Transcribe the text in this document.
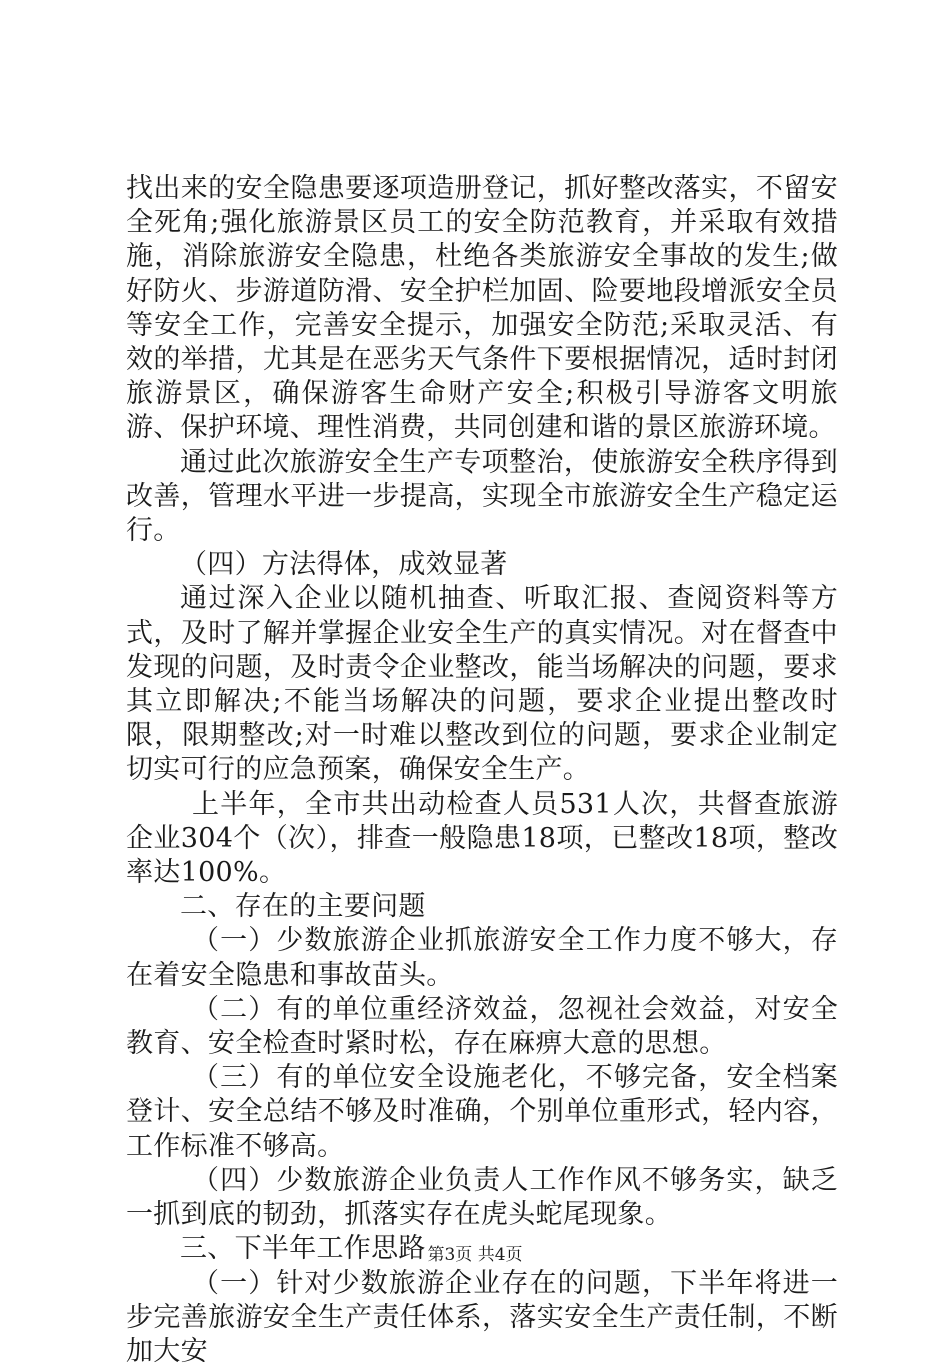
找出来的安全隐患要逐项造册登记，抓好整改落实，不留安全死角;强化旅游景区员工的安全防范教育，并采取有效措施，消除旅游安全隐患，杜绝各类旅游安全事故的发生;做好防火、步游道防滑、安全护栏加固、险要地段增派安全员等安全工作，完善安全提示，加强安全防范;采取灵活、有效的举措，尤其是在恶劣天气条件下要根据情况，适时封闭旅游景区，确保游客生命财产安全;积极引导游客文明旅游、保护环境、理性消费，共同创建和谐的景区旅游环境。

通过此次旅游安全生产专项整治，使旅游安全秩序得到改善，管理水平进一步提高，实现全市旅游安全生产稳定运行。

（四）方法得体，成效显著

通过深入企业以随机抽查、听取汇报、查阅资料等方式，及时了解并掌握企业安全生产的真实情况。对在督查中发现的问题，及时责令企业整改，能当场解决的问题，要求其立即解决;不能当场解决的问题，要求企业提出整改时限，限期整改;对一时难以整改到位的问题，要求企业制定切实可行的应急预案，确保安全生产。

上半年，全市共出动检查人员531人次，共督查旅游企业304个（次），排查一般隐患18项，已整改18项，整改率达100%。

二、存在的主要问题

（一）少数旅游企业抓旅游安全工作力度不够大，存在着安全隐患和事故苗头。

（二）有的单位重经济效益，忽视社会效益，对安全教育、安全检查时紧时松，存在麻痹大意的思想。

（三）有的单位安全设施老化，不够完备，安全档案登计、安全总结不够及时准确，个别单位重形式，轻内容，工作标准不够高。

（四）少数旅游企业负责人工作作风不够务实，缺乏一抓到底的韧劲，抓落实存在虎头蛇尾现象。

三、下半年工作思路

（一）针对少数旅游企业存在的问题，下半年将进一步完善旅游安全生产责任体系，落实安全生产责任制，不断加大安

第3页 共4页
